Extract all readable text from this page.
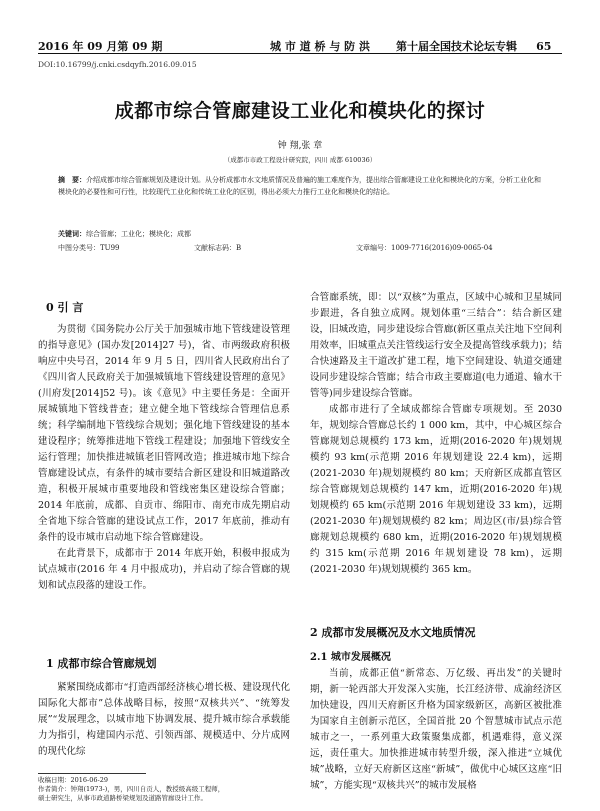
2016 年 09 月第 09 期	城 市 道 桥 与 防 洪 第十届全国技术论坛专辑 65
DOI:10.16799/j.cnki.csdqyfh.2016.09.015
成都市综合管廊建设工业化和模块化的探讨
钟 翔,张 章
（成都市市政工程设计研究院，四川 成都 610036）
摘　要：介绍成都市综合管廊规划及建设计划。从分析成都市水文地质情况及普遍的施工难度作为，提出综合管廊建设工业化和模块化的方案，分析工业化和模块化的必要性和可行性，比较现代工业化和传统工业化的区别，得出必须大力推行工业化和模块化的结论。
关键词：综合管廊；工业化；模块化；成都
中图分类号：TU99	文献标志码：B	文章编号：1009-7716(2016)09-0065-04
0 引 言

为贯彻《国务院办公厅关于加强城市地下管线建设管理的指导意见》(国办发[2014]27 号)，省、市两级政府积极响应中央号召，2014 年 9 月 5 日，四川省人民政府出台了《四川省人民政府关于加强城镇地下管线建设管理的意见》(川府发[2014]52 号)。该《意见》中主要任务是：全面开展城镇地下管线普查；建立健全地下管线综合管理信息系统；科学编制地下管线综合规划；强化地下管线建设的基本建设程序；统筹推进地下管线工程建设；加强地下管线安全运行管理；加快推进城镇老旧管网改造；推进城市地下综合管廊建设试点，有条件的城市要结合新区建设和旧城道路改造，积极开展城市重要地段和管线密集区建设综合管廊；2014 年底前，成都、自贡市、绵阳市、南充市成先期启动全省地下综合管廊的建设试点工作，2017 年底前，推动有条件的设市城市启动地下综合管廊建设。

在此背景下，成都市于 2014 年底开始，积极申报成为试点城市(2016 年 4 月中报成功)，并启动了综合管廊的规划和试点段落的建设工作。

1 成都市综合管廊规划

紧紧围绕成都市“打造西部经济核心增长极、建设现代化国际化大都市”总体战略目标，按照“双核共兴”、“统筹发展”“发展理念，以城市地下协调发展、提升城市综合承载能力为指引，构建国内示范、引领西部、规模适中、分片成网的现代化综

合管廊系统，即：以“双核”为重点，区域中心城和卫星城同步跟进，各自独立成网。规划体重“三结合”：结合新区建设，旧城改造，同步建设综合管廊(新区重点关注地下空间利用效率，旧城重点关注管线运行安全及提高管线承载力)；结合快速路及主干道改扩建工程，地下空间建设、轨道交通建设同步建设综合管廊；结合市政主要廊道(电力通道、输水干管等)同步建设综合管廊。

成都市进行了全域成都综合管廊专项规划。至 2030 年，规划综合管廊总长约 1 000 km，其中，中心城区综合管廊规划总规模约 173 km，近期(2016-2020 年)规划规模约 93 km(示范期 2016 年规划建设 22.4 km)，远期(2021-2030 年)规划规模约 80 km；天府新区成都直管区综合管廊规划总规模约 147 km，近期(2016-2020 年)规划规模约 65 km(示范期 2016 年规划建设 33 km)，远期(2021-2030 年)规划规模约 82 km；周边区(市/县)综合管廊规划总规模约 680 km，近期(2016-2020 年)规划规模约 315 km(示范期 2016 年规划建设 78 km)，远期(2021-2030 年)规划规模约 365 km。

2 成都市发展概况及水文地质情况
2.1 城市发展概况

当前，成都正值“新常态、万亿级、再出发”的关键时期，新一轮西部大开发深入实施，长江经济带、成渝经济区加快建设，四川天府新区升格为国家级新区，高新区被批准为国家自主创新示范区，全国首批 20 个智慧城市试点示范城市之一，一系列重大政策聚集成都，机遇难得，意义深远，责任重大。加快推进城市转型升级，深入推进“立城优城”战略，立好天府新区这座“新城”，做优中心城区这座“旧城”，方能实现“双核共兴”的城市发展格

收稿日期：2016-06-29
作者简介：钟翔(1973-)，男，四川自贡人，教授级高级工程师，
硕士研究生，从事市政道路桥梁规划及道路管廊设计工作。
